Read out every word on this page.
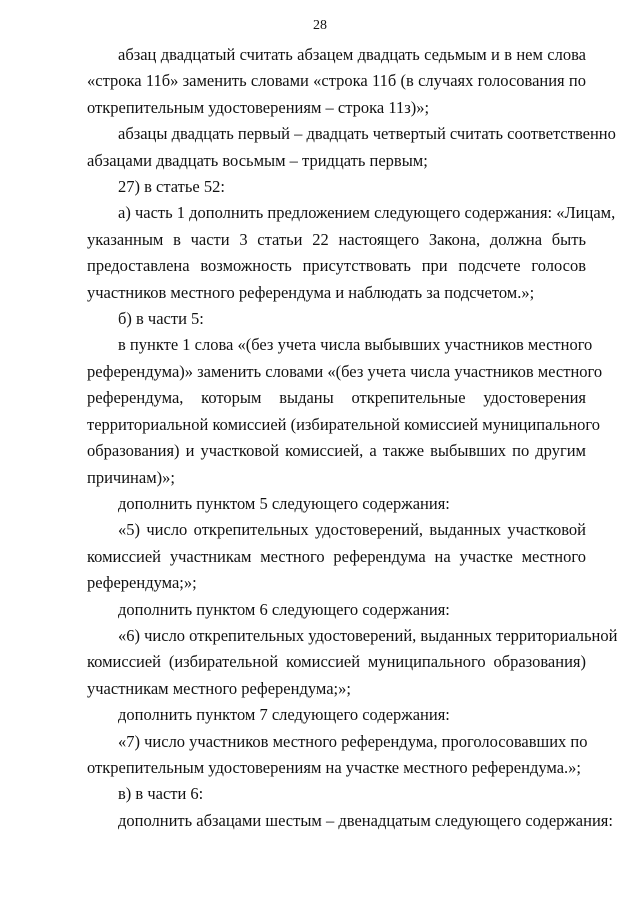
28
абзац двадцатый считать абзацем двадцать седьмым и в нем слова
«строка 11б» заменить словами «строка 11б (в случаях голосования по
открепительным удостоверениям – строка 11з)»;
абзацы двадцать первый – двадцать четвертый считать соответственно
абзацами двадцать восьмым – тридцать первым;
27) в статье 52:
а) часть 1 дополнить предложением следующего содержания: «Лицам,
указанным в части 3 статьи 22 настоящего Закона, должна быть
предоставлена возможность присутствовать при подсчете голосов
участников местного референдума и наблюдать за подсчетом.»;
б) в части 5:
в пункте 1 слова «(без учета числа выбывших участников местного
референдума)» заменить словами «(без учета числа участников местного
референдума, которым выданы открепительные удостоверения
территориальной комиссией (избирательной комиссией муниципального
образования) и участковой комиссией, а также выбывших по другим
причинам)»;
дополнить пунктом 5 следующего содержания:
«5) число открепительных удостоверений, выданных участковой
комиссией участникам местного референдума на участке местного
референдума;»;
дополнить пунктом 6 следующего содержания:
«6) число открепительных удостоверений, выданных территориальной
комиссией (избирательной комиссией муниципального образования)
участникам местного референдума;»;
дополнить пунктом 7 следующего содержания:
«7) число участников местного референдума, проголосовавших по
открепительным удостоверениям на участке местного референдума.»;
в) в части 6:
дополнить абзацами шестым – двенадцатым следующего содержания:
